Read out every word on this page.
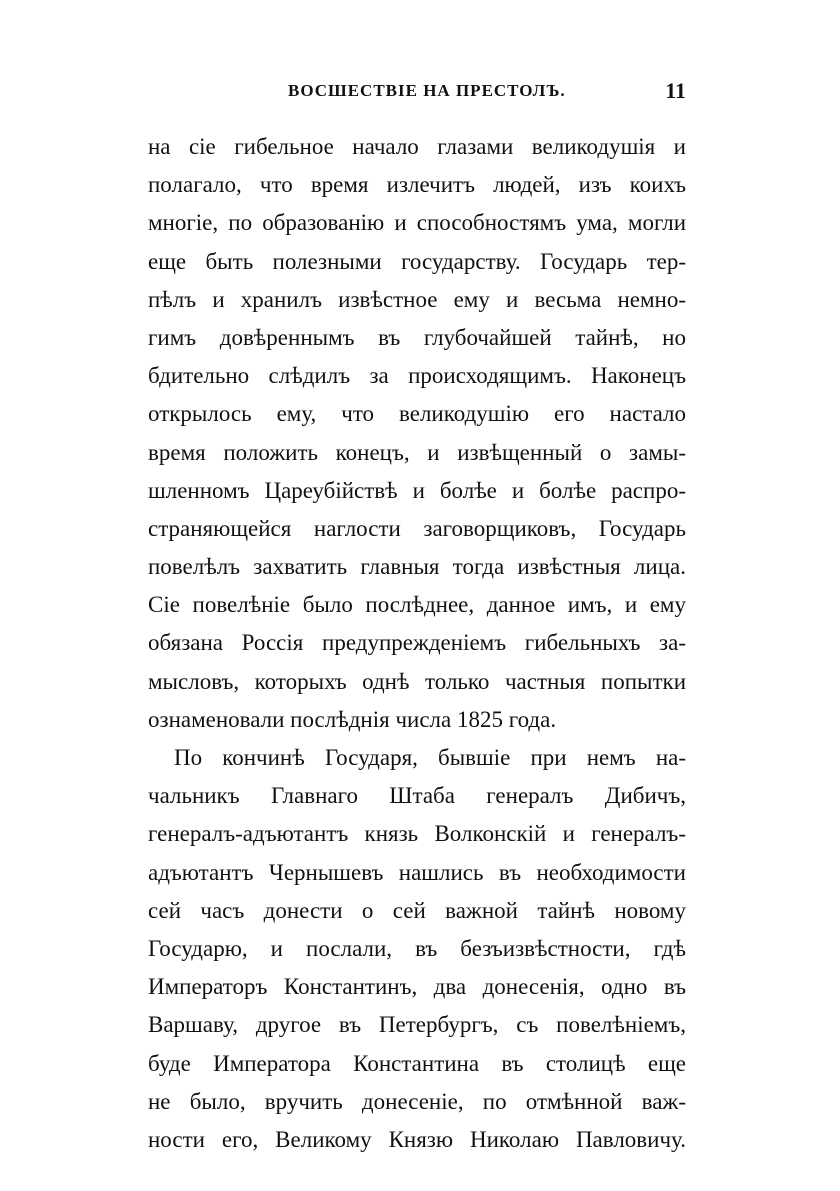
ВОСШЕСТВІЕ НА ПРЕСТОЛЪ.	11
на сіе гибельное начало глазами великодушія и
полагало, что время излечитъ людей, изъ коихъ
многіе, по образованію и способностямъ ума, могли
еще быть полезными государству. Государь тер-
пѣлъ и хранилъ извѣстное ему и весьма немно-
гимъ довѣреннымъ въ глубочайшей тайнѣ, но
бдительно слѣдилъ за происходящимъ. Наконецъ
открылось ему, что великодушію его настало
время положить конецъ, и извѣщенный о замы-
шленномъ Цареубійствѣ и болѣе и болѣе распро-
страняющейся наглости заговорщиковъ, Государь
повелѣлъ захватить главныя тогда извѣстныя лица.
Сіе повелѣніе было послѣднее, данное имъ, и ему
обязана Россія предупрежденіемъ гибельныхъ за-
мысловъ, которыхъ однѣ только частныя попытки
ознаменовали послѣднія числа 1825 года.
По кончинѣ Государя, бывшіе при немъ на-
чальникъ Главнаго Штаба генералъ Дибичъ,
генералъ-адъютантъ князь Волконскій и генералъ-
адъютантъ Чернышевъ нашлись въ необходимости
сей часъ донести о сей важной тайнѣ новому
Государю, и послали, въ безъизвѣстности, гдѣ
Императоръ Константинъ, два донесенія, одно въ
Варшаву, другое въ Петербургъ, съ повелѣніемъ,
буде Императора Константина въ столицѣ еще
не было, вручить донесеніе, по отмѣнной важ-
ности его, Великому Князю Николаю Павловичу.
